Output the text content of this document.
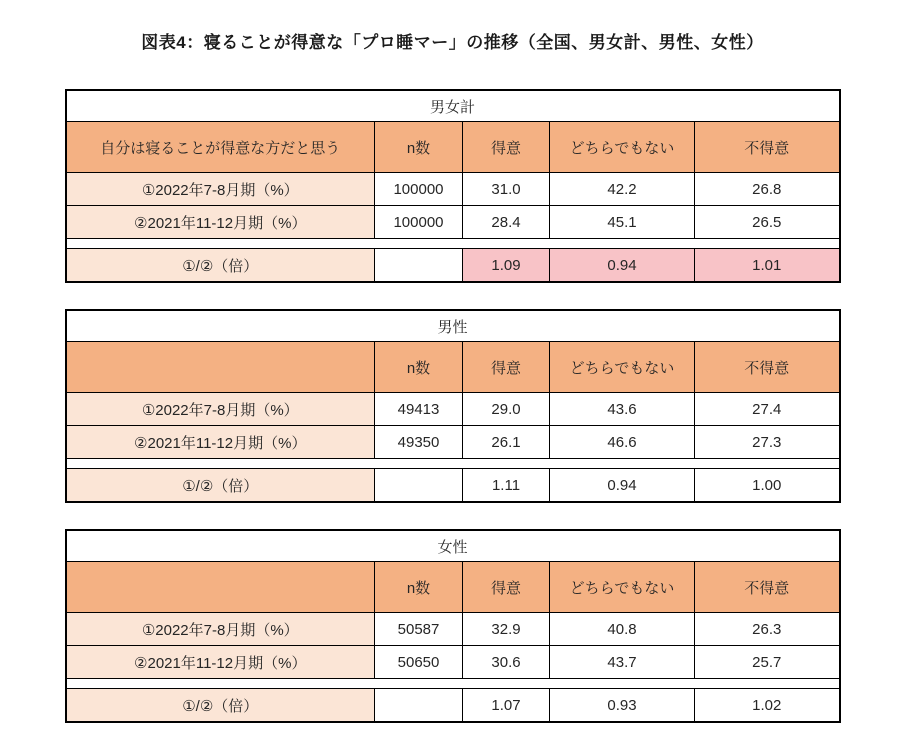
図表4：寝ることが得意な「プロ睡マー」の推移（全国、男女計、男性、女性）
男女計				
自分は寝ることが得意な方だと思う	n数	得意	どちらでもない	不得意
①2022年7-8月期（%）	100000	31.0	42.2	26.8
②2021年11-12月期（%）	100000	28.4	45.1	26.5

①/②（倍）		1.09	0.94	1.01
男性				
	n数	得意	どちらでもない	不得意
①2022年7-8月期（%）	49413	29.0	43.6	27.4
②2021年11-12月期（%）	49350	26.1	46.6	27.3

①/②（倍）		1.11	0.94	1.00
女性				
	n数	得意	どちらでもない	不得意
①2022年7-8月期（%）	50587	32.9	40.8	26.3
②2021年11-12月期（%）	50650	30.6	43.7	25.7

①/②（倍）		1.07	0.93	1.02
